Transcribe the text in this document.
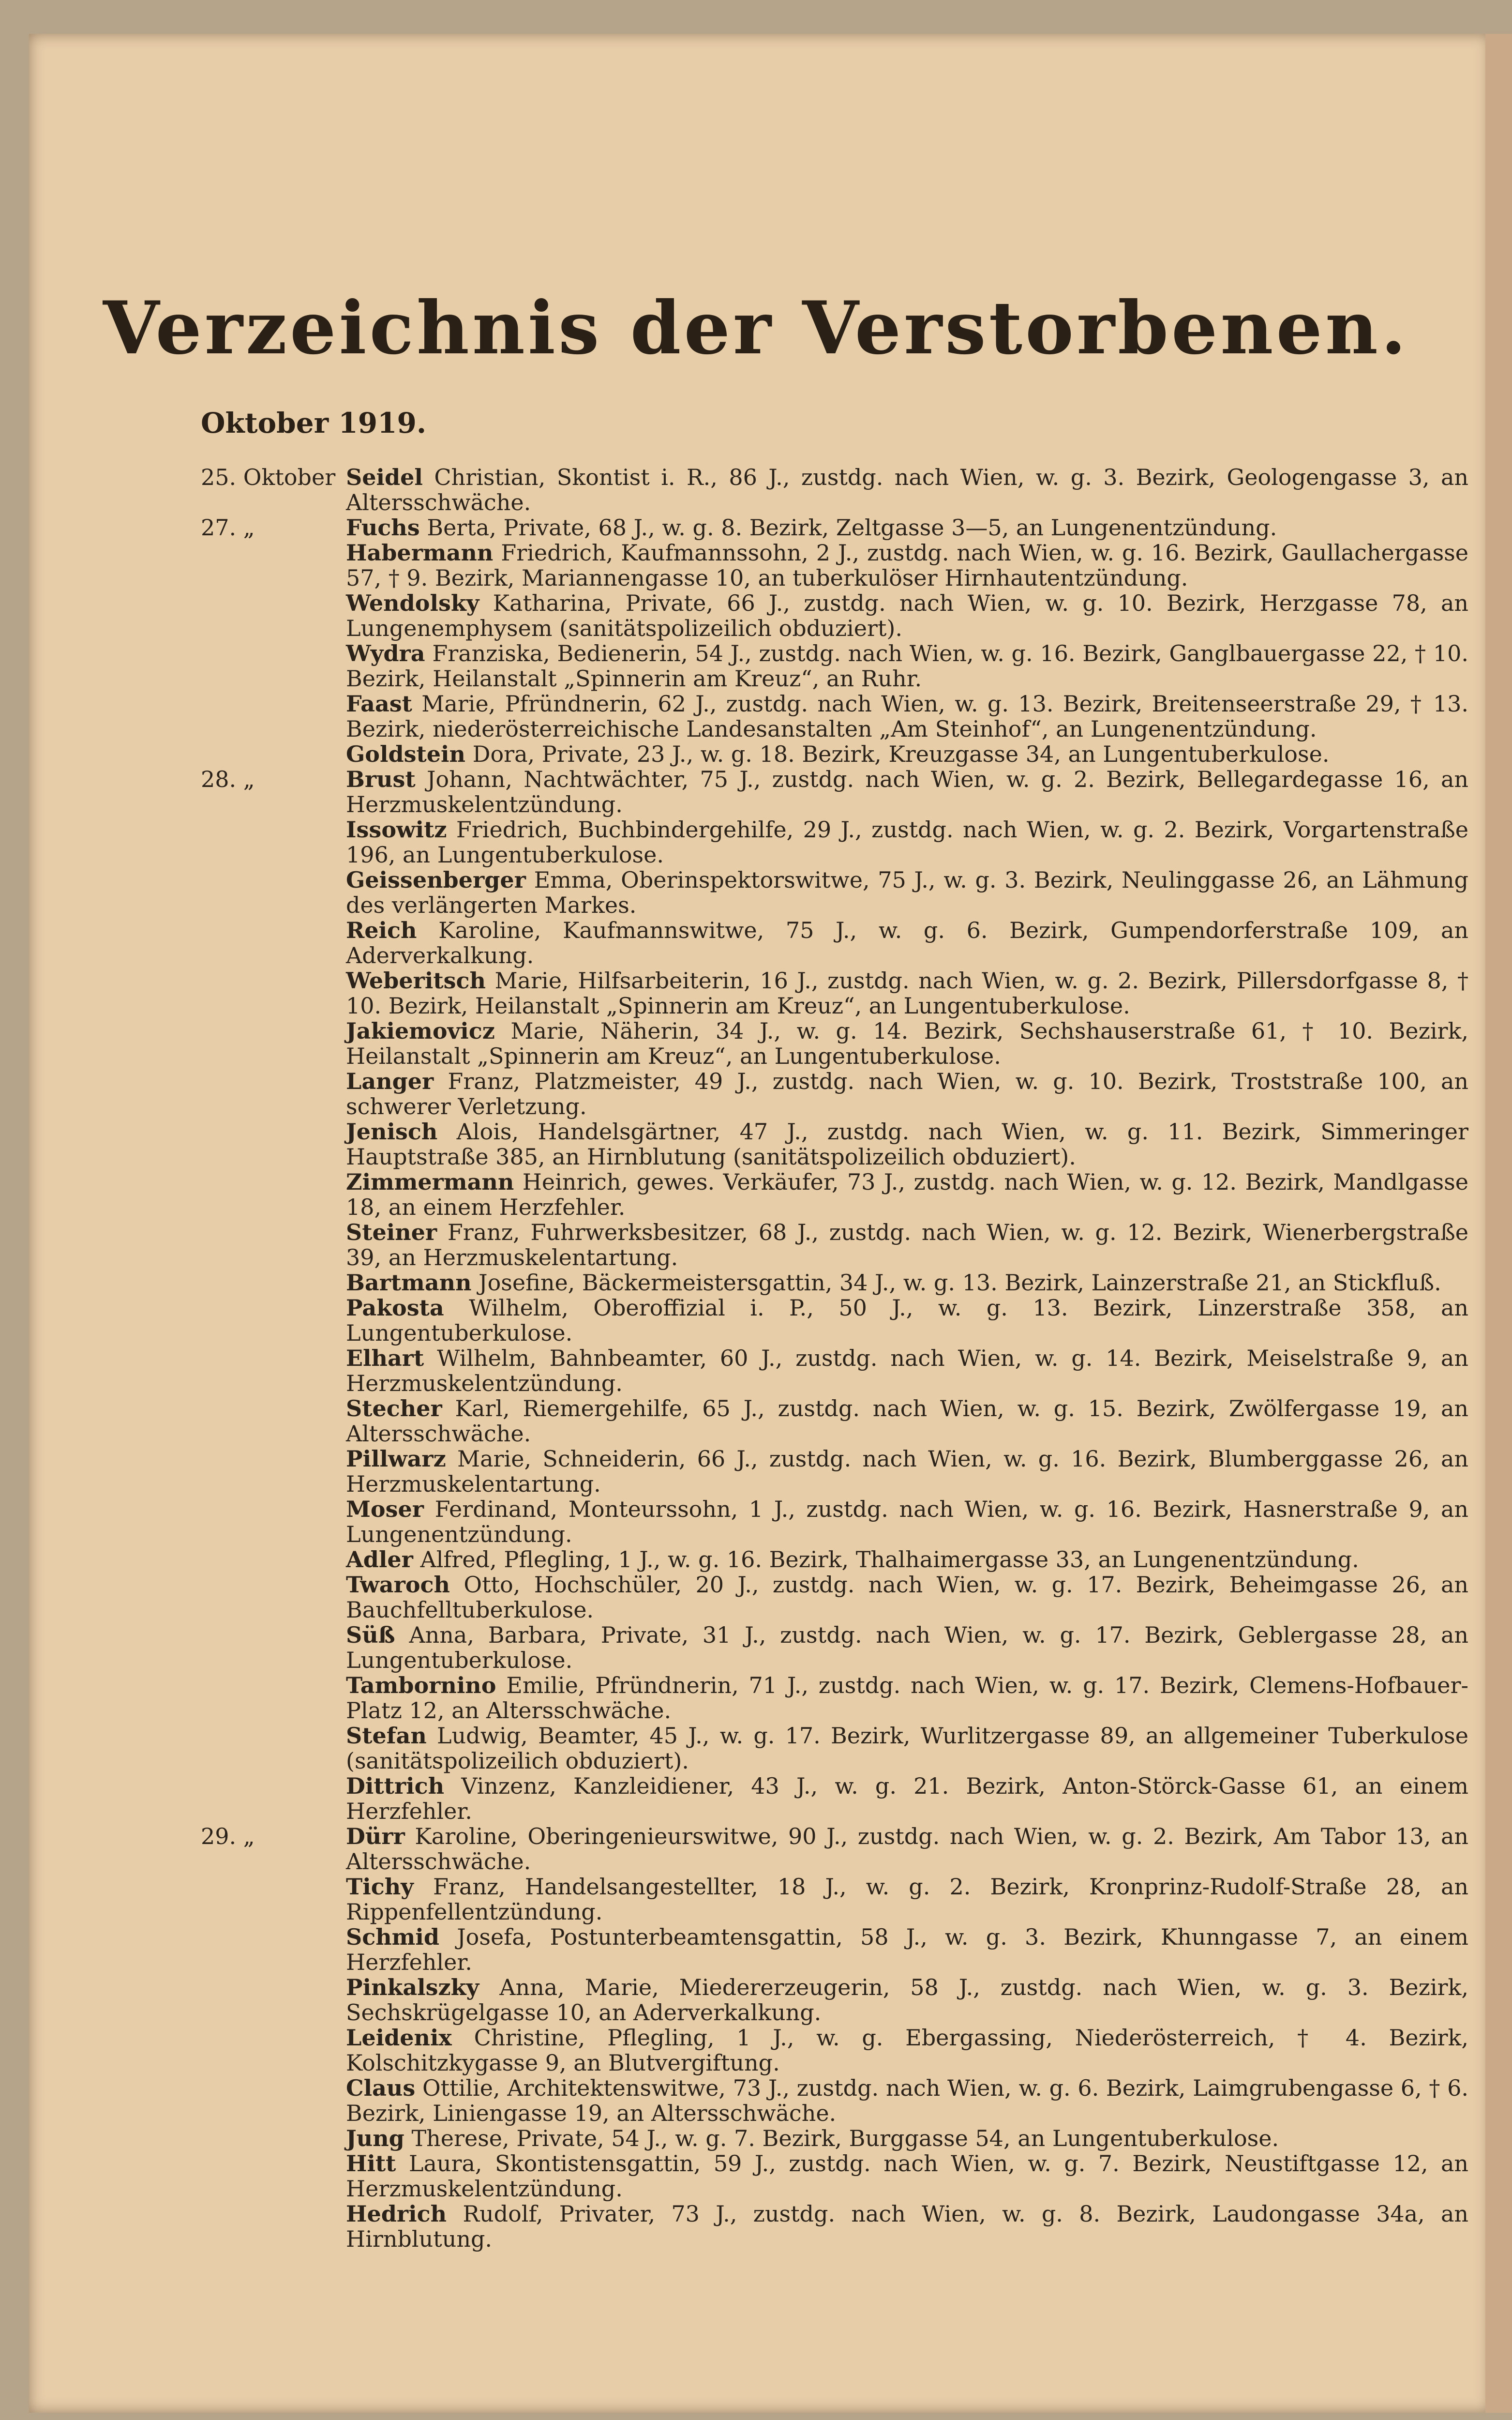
Verzeichnis der Verstorbenen.
Oktober 1919.
25. Oktober Seidel Christian, Skontist i. R., 86 J., zustdg. nach Wien, w. g. 3. Bezirk, Geologengasse 3, an Altersschwäche.
27. „	Fuchs Berta, Private, 68 J., w. g. 8. Bezirk, Zeltgasse 3—5, an Lungenentzündung.
Habermann Friedrich, Kaufmannssohn, 2 J., zustdg. nach Wien, w. g. 16. Bezirk, Gaullachergasse 57, † 9. Bezirk, Mariannengasse 10, an tuberkulöser Hirnhautentzündung.
Wendolsky Katharina, Private, 66 J., zustdg. nach Wien, w. g. 10. Bezirk, Herzgasse 78, an Lungenemphysem (sanitätspolizeilich obduziert).
Wydra Franziska, Bedienerin, 54 J., zustdg. nach Wien, w. g. 16. Bezirk, Ganglbauergasse 22, † 10. Bezirk, Heilanstalt „Spinnerin am Kreuz“, an Ruhr.
Faast Marie, Pfründnerin, 62 J., zustdg. nach Wien, w. g. 13. Bezirk, Breitenseerstraße 29, † 13. Bezirk, niederösterreichische Landesanstalten „Am Steinhof“, an Lungenentzündung.
Goldstein Dora, Private, 23 J., w. g. 18. Bezirk, Kreuzgasse 34, an Lungentuberkulose.
28. „	Brust Johann, Nachtwächter, 75 J., zustdg. nach Wien, w. g. 2. Bezirk, Bellegardegasse 16, an Herzmuskelentzündung.
Issowitz Friedrich, Buchbindergehilfe, 29 J., zustdg. nach Wien, w. g. 2. Bezirk, Vorgartenstraße 196, an Lungentuberkulose.
Geissenberger Emma, Oberinspektorswitwe, 75 J., w. g. 3. Bezirk, Neulinggasse 26, an Lähmung des verlängerten Markes.
Reich Karoline, Kaufmannswitwe, 75 J., w. g. 6. Bezirk, Gumpendorferstraße 109, an Aderverkalkung.
Weberitsch Marie, Hilfsarbeiterin, 16 J., zustdg. nach Wien, w. g. 2. Bezirk, Pillersdorfgasse 8, † 10. Bezirk, Heilanstalt „Spinnerin am Kreuz“, an Lungentuberkulose.
Jakiemovicz Marie, Näherin, 34 J., w. g. 14. Bezirk, Sechshauserstraße 61, † 10. Bezirk, Heilanstalt „Spinnerin am Kreuz“, an Lungentuberkulose.
Langer Franz, Platzmeister, 49 J., zustdg. nach Wien, w. g. 10. Bezirk, Troststraße 100, an schwerer Verletzung.
Jenisch Alois, Handelsgärtner, 47 J., zustdg. nach Wien, w. g. 11. Bezirk, Simmeringer Hauptstraße 385, an Hirnblutung (sanitätspolizeilich obduziert).
Zimmermann Heinrich, gewes. Verkäufer, 73 J., zustdg. nach Wien, w. g. 12. Bezirk, Mandlgasse 18, an einem Herzfehler.
Steiner Franz, Fuhrwerksbesitzer, 68 J., zustdg. nach Wien, w. g. 12. Bezirk, Wienerbergstraße 39, an Herzmuskelentartung.
Bartmann Josefine, Bäckermeistersgattin, 34 J., w. g. 13. Bezirk, Lainzerstraße 21, an Stickfluß.
Pakosta Wilhelm, Oberoffizial i. P., 50 J., w. g. 13. Bezirk, Linzerstraße 358, an Lungentuberkulose.
Elhart Wilhelm, Bahnbeamter, 60 J., zustdg. nach Wien, w. g. 14. Bezirk, Meiselstraße 9, an Herzmuskelentzündung.
Stecher Karl, Riemergehilfe, 65 J., zustdg. nach Wien, w. g. 15. Bezirk, Zwölfergasse 19, an Altersschwäche.
Pillwarz Marie, Schneiderin, 66 J., zustdg. nach Wien, w. g. 16. Bezirk, Blumberggasse 26, an Herzmuskelentartung.
Moser Ferdinand, Monteurssohn, 1 J., zustdg. nach Wien, w. g. 16. Bezirk, Hasnerstraße 9, an Lungenentzündung.
Adler Alfred, Pflegling, 1 J., w. g. 16. Bezirk, Thalhaimergasse 33, an Lungenentzündung.
Twaroch Otto, Hochschüler, 20 J., zustdg. nach Wien, w. g. 17. Bezirk, Beheimgasse 26, an Bauchfelltuberkulose.
Süß Anna, Barbara, Private, 31 J., zustdg. nach Wien, w. g. 17. Bezirk, Geblergasse 28, an Lungentuberkulose.
Tambornino Emilie, Pfründnerin, 71 J., zustdg. nach Wien, w. g. 17. Bezirk, Clemens-Hofbauer-Platz 12, an Altersschwäche.
Stefan Ludwig, Beamter, 45 J., w. g. 17. Bezirk, Wurlitzergasse 89, an allgemeiner Tuberkulose (sanitätspolizeilich obduziert).
Dittrich Vinzenz, Kanzleidiener, 43 J., w. g. 21. Bezirk, Anton-Störck-Gasse 61, an einem Herzfehler.
29. „	Dürr Karoline, Oberingenieurswitwe, 90 J., zustdg. nach Wien, w. g. 2. Bezirk, Am Tabor 13, an Altersschwäche.
Tichy Franz, Handelsangestellter, 18 J., w. g. 2. Bezirk, Kronprinz-Rudolf-Straße 28, an Rippenfellentzündung.
Schmid Josefa, Postunterbeamtensgattin, 58 J., w. g. 3. Bezirk, Khunngasse 7, an einem Herzfehler.
Pinkalszky Anna, Marie, Miedererzeugerin, 58 J., zustdg. nach Wien, w. g. 3. Bezirk, Sechskrügelgasse 10, an Aderverkalkung.
Leidenix Christine, Pflegling, 1 J., w. g. Ebergassing, Niederösterreich, † 4. Bezirk, Kolschitzkygasse 9, an Blutvergiftung.
Claus Ottilie, Architektenswitwe, 73 J., zustdg. nach Wien, w. g. 6. Bezirk, Laimgrubengasse 6, † 6. Bezirk, Liniengasse 19, an Altersschwäche.
Jung Therese, Private, 54 J., w. g. 7. Bezirk, Burggasse 54, an Lungentuberkulose.
Hitt Laura, Skontistensgattin, 59 J., zustdg. nach Wien, w. g. 7. Bezirk, Neustiftgasse 12, an Herzmuskelentzündung.
Hedrich Rudolf, Privater, 73 J., zustdg. nach Wien, w. g. 8. Bezirk, Laudongasse 34a, an Hirnblutung.
